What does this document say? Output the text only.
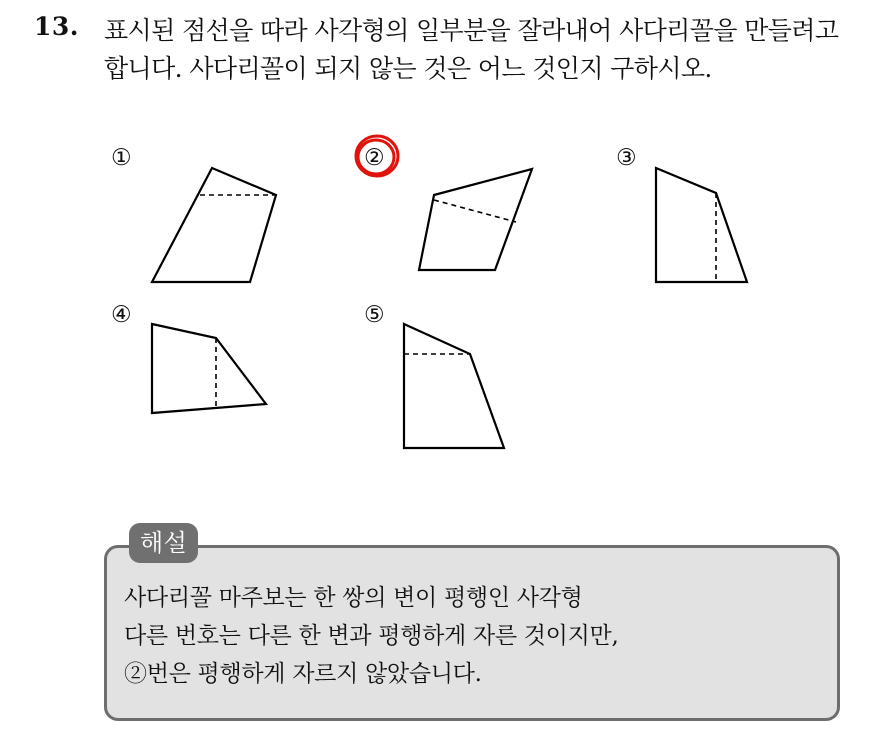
13. 표시된 점선을 따라 사각형의 일부분을 잘라내어 사다리꼴을 만들려고
합니다. 사다리꼴이 되지 않는 것은 어느 것인지 구하시오.
①	②	③
④	⑤
해설
사다리꼴 마주보는 한 쌍의 변이 평행인 사각형
다른 번호는 다른 한 변과 평행하게 자른 것이지만,
②번은 평행하게 자르지 않았습니다.
